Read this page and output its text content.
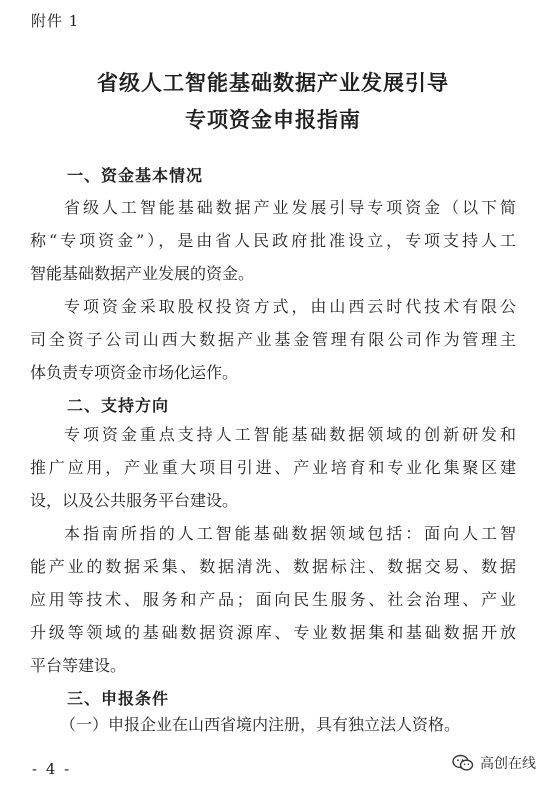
附件 1
省级人工智能基础数据产业发展引导
专项资金申报指南
一、资金基本情况
省级人工智能基础数据产业发展引导专项资金（以下简
称“专项资金”），是由省人民政府批准设立，专项支持人工
智能基础数据产业发展的资金。
专项资金采取股权投资方式，由山西云时代技术有限公
司全资子公司山西大数据产业基金管理有限公司作为管理主
体负责专项资金市场化运作。
二、支持方向
专项资金重点支持人工智能基础数据领域的创新研发和
推广应用，产业重大项目引进、产业培育和专业化集聚区建
设，以及公共服务平台建设。
本指南所指的人工智能基础数据领域包括：面向人工智
能产业的数据采集、数据清洗、数据标注、数据交易、数据
应用等技术、服务和产品；面向民生服务、社会治理、产业
升级等领域的基础数据资源库、专业数据集和基础数据开放
平台等建设。
三、申报条件
（一）申报企业在山西省境内注册，具有独立法人资格。
- 4 -	高创在线
